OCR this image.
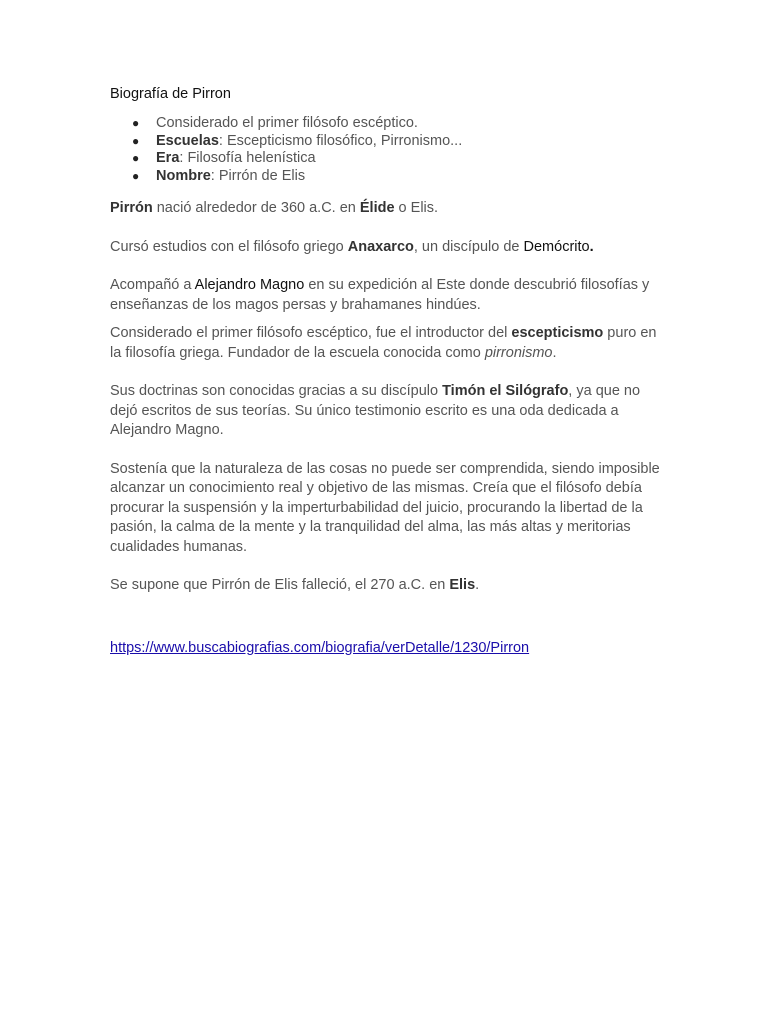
Biografía de Pirron
● Considerado el primer filósofo escéptico.
● Escuelas: Escepticismo filosófico, Pirronismo...
● Era: Filosofía helenística
● Nombre: Pirrón de Elis

Pirrón nació alrededor de 360 a.C. en Élide o Elis.

Cursó estudios con el filósofo griego Anaxarco, un discípulo de Demócrito.

Acompañó a Alejandro Magno en su expedición al Este donde descubrió filosofías y enseñanzas de los magos persas y brahamanes hindúes.

Considerado el primer filósofo escéptico, fue el introductor del escepticismo puro en la filosofía griega. Fundador de la escuela conocida como pirronismo.

Sus doctrinas son conocidas gracias a su discípulo Timón el Silógrafo, ya que no dejó escritos de sus teorías. Su único testimonio escrito es una oda dedicada a Alejandro Magno.

Sostenía que la naturaleza de las cosas no puede ser comprendida, siendo imposible alcanzar un conocimiento real y objetivo de las mismas. Creía que el filósofo debía procurar la suspensión y la imperturbabilidad del juicio, procurando la libertad de la pasión, la calma de la mente y la tranquilidad del alma, las más altas y meritorias cualidades humanas.

Se supone que Pirrón de Elis falleció, el 270 a.C. en Elis.

https://www.buscabiografias.com/biografia/verDetalle/1230/Pirron
